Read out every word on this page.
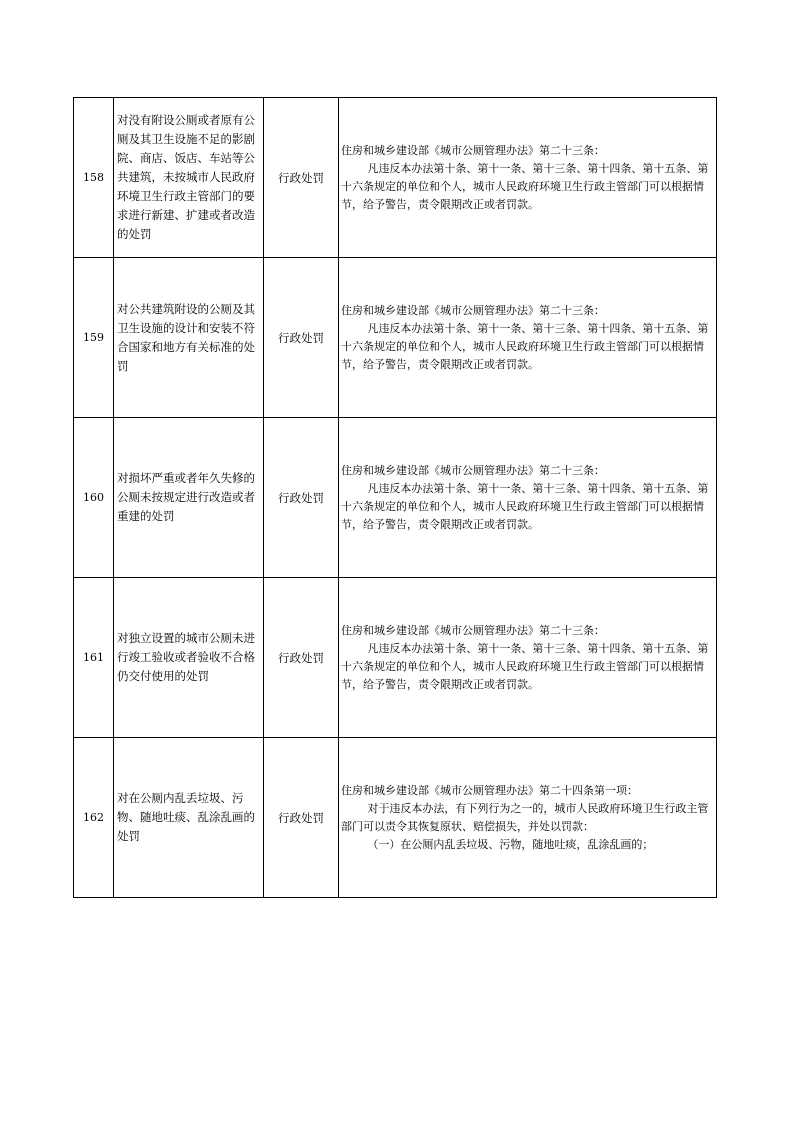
158	对没有附设公厕或者原有公厕及其卫生设施不足的影剧院、商店、饭店、车站等公共建筑，未按城市人民政府环境卫生行政主管部门的要求进行新建、扩建或者改造的处罚	行政处罚	住房和城乡建设部《城市公厕管理办法》第二十三条：
凡违反本办法第十条、第十一条、第十三条、第十四条、第十五条、第十六条规定的单位和个人，城市人民政府环境卫生行政主管部门可以根据情节，给予警告，责令限期改正或者罚款。

159	对公共建筑附设的公厕及其卫生设施的设计和安装不符合国家和地方有关标准的处罚	行政处罚	住房和城乡建设部《城市公厕管理办法》第二十三条：
凡违反本办法第十条、第十一条、第十三条、第十四条、第十五条、第十六条规定的单位和个人，城市人民政府环境卫生行政主管部门可以根据情节，给予警告，责令限期改正或者罚款。

160	对损坏严重或者年久失修的公厕未按规定进行改造或者重建的处罚	行政处罚	住房和城乡建设部《城市公厕管理办法》第二十三条：
凡违反本办法第十条、第十一条、第十三条、第十四条、第十五条、第十六条规定的单位和个人，城市人民政府环境卫生行政主管部门可以根据情节，给予警告，责令限期改正或者罚款。

161	对独立设置的城市公厕未进行竣工验收或者验收不合格仍交付使用的处罚	行政处罚	住房和城乡建设部《城市公厕管理办法》第二十三条：
凡违反本办法第十条、第十一条、第十三条、第十四条、第十五条、第十六条规定的单位和个人，城市人民政府环境卫生行政主管部门可以根据情节，给予警告，责令限期改正或者罚款。

162	对在公厕内乱丢垃圾、污物、随地吐痰、乱涂乱画的处罚	行政处罚	住房和城乡建设部《城市公厕管理办法》第二十四条第一项：
对于违反本办法，有下列行为之一的，城市人民政府环境卫生行政主管部门可以责令其恢复原状、赔偿损失，并处以罚款：
（一）在公厕内乱丢垃圾、污物，随地吐痰，乱涂乱画的；
